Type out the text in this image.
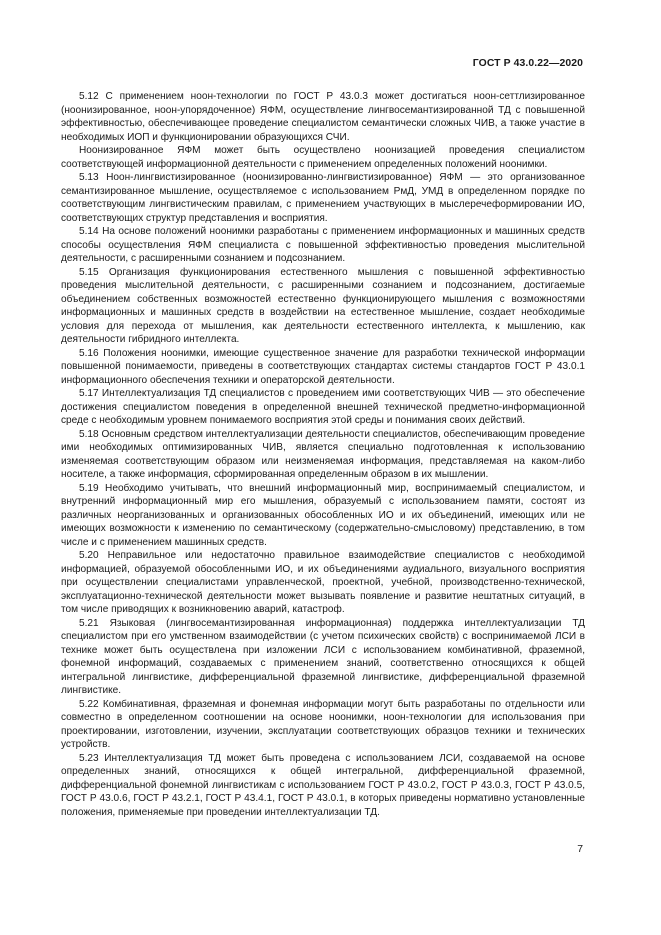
ГОСТ Р 43.0.22—2020

5.12 С применением ноон-технологии по ГОСТ Р 43.0.3 может достигаться ноон-сеттлизированное (ноонизированное, ноон-упорядоченное) ЯФМ, осуществление лингвосемантизированной ТД с повышенной эффективностью, обеспечивающее проведение специалистом семантически сложных ЧИВ, а также участие в необходимых ИОП и функционировании образующихся СЧИ.

Ноонизированное ЯФМ может быть осуществлено ноонизацией проведения специалистом соответствующей информационной деятельности с применением определенных положений ноонимки.

5.13 Ноон-лингвистизированное (ноонизированно-лингвистизированное) ЯФМ — это организованное семантизированное мышление, осуществляемое с использованием РмД, УМД в определенном порядке по соответствующим лингвистическим правилам, с применением участвующих в мыслеречеформировании ИО, соответствующих структур представления и восприятия.

5.14 На основе положений ноонимки разработаны с применением информационных и машинных средств способы осуществления ЯФМ специалиста с повышенной эффективностью проведения мыслительной деятельности, с расширенными сознанием и подсознанием.

5.15 Организация функционирования естественного мышления с повышенной эффективностью проведения мыслительной деятельности, с расширенными сознанием и подсознанием, достигаемые объединением собственных возможностей естественно функционирующего мышления с возможностями информационных и машинных средств в воздействии на естественное мышление, создает необходимые условия для перехода от мышления, как деятельности естественного интеллекта, к мышлению, как деятельности гибридного интеллекта.

5.16 Положения ноонимки, имеющие существенное значение для разработки технической информации повышенной понимаемости, приведены в соответствующих стандартах системы стандартов ГОСТ Р 43.0.1 информационного обеспечения техники и операторской деятельности.

5.17 Интеллектуализация ТД специалистов с проведением ими соответствующих ЧИВ — это обеспечение достижения специалистом поведения в определенной внешней технической предметно-информационной среде с необходимым уровнем понимаемого восприятия этой среды и понимания своих действий.

5.18 Основным средством интеллектуализации деятельности специалистов, обеспечивающим проведение ими необходимых оптимизированных ЧИВ, является специально подготовленная к использованию изменяемая соответствующим образом или неизменяемая информация, представляемая на каком-либо носителе, а также информация, сформированная определенным образом в их мышлении.

5.19 Необходимо учитывать, что внешний информационный мир, воспринимаемый специалистом, и внутренний информационный мир его мышления, образуемый с использованием памяти, состоят из различных неорганизованных и организованных обособленных ИО и их объединений, имеющих или не имеющих возможности к изменению по семантическому (содержательно-смысловому) представлению, в том числе и с применением машинных средств.

5.20 Неправильное или недостаточно правильное взаимодействие специалистов с необходимой информацией, образуемой обособленными ИО, и их объединениями аудиального, визуального восприятия при осуществлении специалистами управленческой, проектной, учебной, производственно-технической, эксплуатационно-технической деятельности может вызывать появление и развитие нештатных ситуаций, в том числе приводящих к возникновению аварий, катастроф.

5.21 Языковая (лингвосемантизированная информационная) поддержка интеллектуализации ТД специалистом при его умственном взаимодействии (с учетом психических свойств) с воспринимаемой ЛСИ в технике может быть осуществлена при изложении ЛСИ с использованием комбинативной, фраземной, фонемной информаций, создаваемых с применением знаний, соответственно относящихся к общей интегральной лингвистике, дифференциальной фраземной лингвистике, дифференциальной фраземной лингвистике.

5.22 Комбинативная, фраземная и фонемная информации могут быть разработаны по отдельности или совместно в определенном соотношении на основе ноонимки, ноон-технологии для использования при проектировании, изготовлении, изучении, эксплуатации соответствующих образцов техники и технических устройств.

5.23 Интеллектуализация ТД может быть проведена с использованием ЛСИ, создаваемой на основе определенных знаний, относящихся к общей интегральной, дифференциальной фраземной, дифференциальной фонемной лингвистикам с использованием ГОСТ Р 43.0.2, ГОСТ Р 43.0.3, ГОСТ Р 43.0.5, ГОСТ Р 43.0.6, ГОСТ Р 43.2.1, ГОСТ Р 43.4.1, ГОСТ Р 43.0.1, в которых приведены нормативно установленные положения, применяемые при проведении интеллектуализации ТД.

7
